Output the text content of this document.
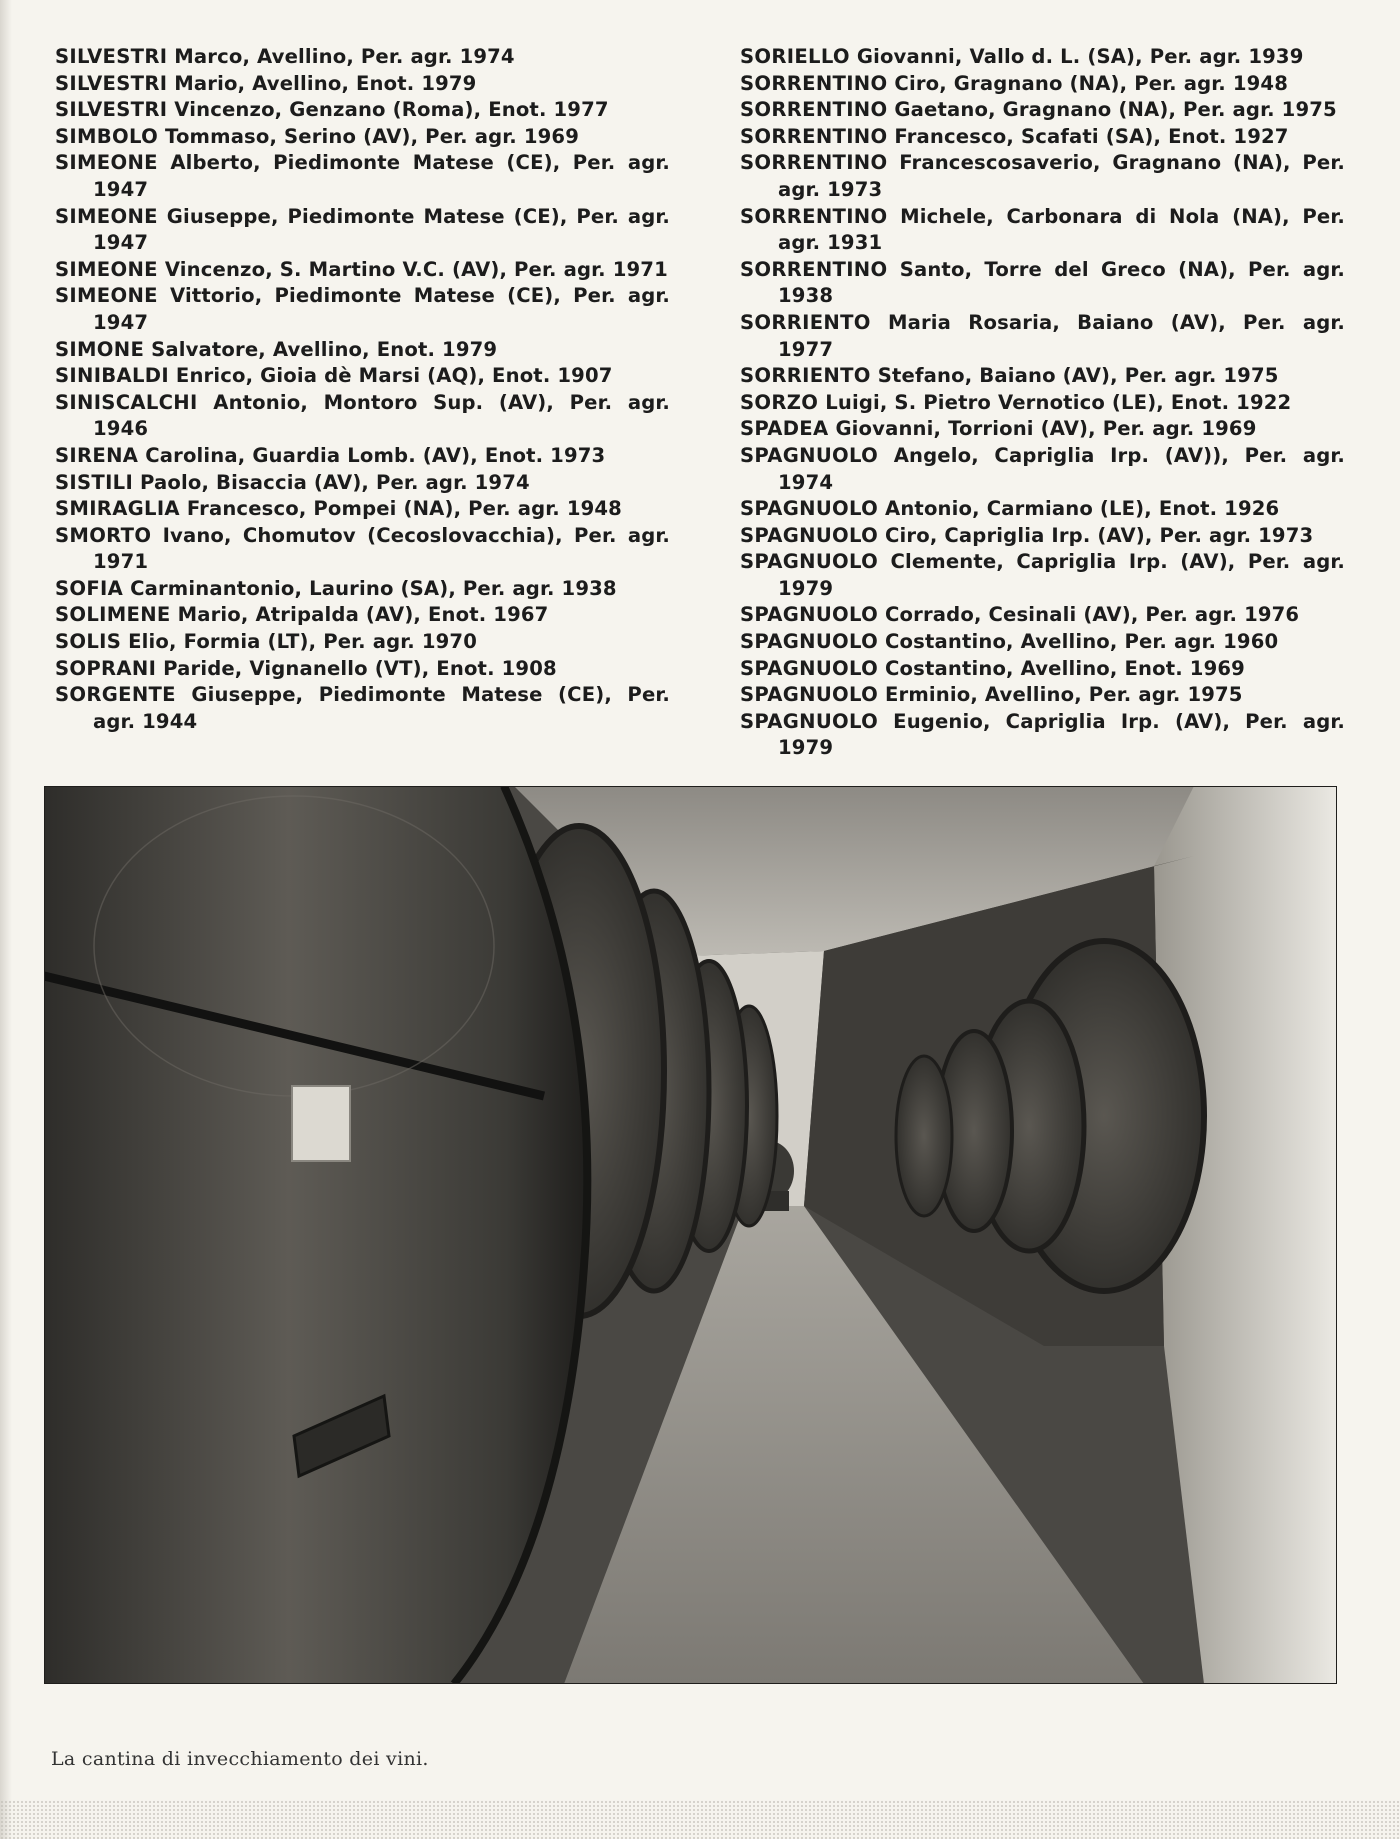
SILVESTRI Marco, Avellino, Per. agr. 1974
SILVESTRI Mario, Avellino, Enot. 1979
SILVESTRI Vincenzo, Genzano (Roma), Enot. 1977
SIMBOLO Tommaso, Serino (AV), Per. agr. 1969
SIMEONE Alberto, Piedimonte Matese (CE), Per. agr. 1947
SIMEONE Giuseppe, Piedimonte Matese (CE), Per. agr. 1947
SIMEONE Vincenzo, S. Martino V.C. (AV), Per. agr. 1971
SIMEONE Vittorio, Piedimonte Matese (CE), Per. agr. 1947
SIMONE Salvatore, Avellino, Enot. 1979
SINIBALDI Enrico, Gioia dè Marsi (AQ), Enot. 1907
SINISCALCHI Antonio, Montoro Sup. (AV), Per. agr. 1946
SIRENA Carolina, Guardia Lomb. (AV), Enot. 1973
SISTILI Paolo, Bisaccia (AV), Per. agr. 1974
SMIRAGLIA Francesco, Pompei (NA), Per. agr. 1948
SMORTO Ivano, Chomutov (Cecoslovacchia), Per. agr. 1971
SOFIA Carminantonio, Laurino (SA), Per. agr. 1938
SOLIMENE Mario, Atripalda (AV), Enot. 1967
SOLIS Elio, Formia (LT), Per. agr. 1970
SOPRANI Paride, Vignanello (VT), Enot. 1908
SORGENTE Giuseppe, Piedimonte Matese (CE), Per. agr. 1944
SORIELLO Giovanni, Vallo d. L. (SA), Per. agr. 1939
SORRENTINO Ciro, Gragnano (NA), Per. agr. 1948
SORRENTINO Gaetano, Gragnano (NA), Per. agr. 1975
SORRENTINO Francesco, Scafati (SA), Enot. 1927
SORRENTINO Francescosaverio, Gragnano (NA), Per. agr. 1973
SORRENTINO Michele, Carbonara di Nola (NA), Per. agr. 1931
SORRENTINO Santo, Torre del Greco (NA), Per. agr. 1938
SORRIENTO Maria Rosaria, Baiano (AV), Per. agr. 1977
SORRIENTO Stefano, Baiano (AV), Per. agr. 1975
SORZO Luigi, S. Pietro Vernotico (LE), Enot. 1922
SPADEA Giovanni, Torrioni (AV), Per. agr. 1969
SPAGNUOLO Angelo, Capriglia Irp. (AV)), Per. agr. 1974
SPAGNUOLO Antonio, Carmiano (LE), Enot. 1926
SPAGNUOLO Ciro, Capriglia Irp. (AV), Per. agr. 1973
SPAGNUOLO Clemente, Capriglia Irp. (AV), Per. agr. 1979
SPAGNUOLO Corrado, Cesinali (AV), Per. agr. 1976
SPAGNUOLO Costantino, Avellino, Per. agr. 1960
SPAGNUOLO Costantino, Avellino, Enot. 1969
SPAGNUOLO Erminio, Avellino, Per. agr. 1975
SPAGNUOLO Eugenio, Capriglia Irp. (AV), Per. agr. 1979
La cantina di invecchiamento dei vini.
